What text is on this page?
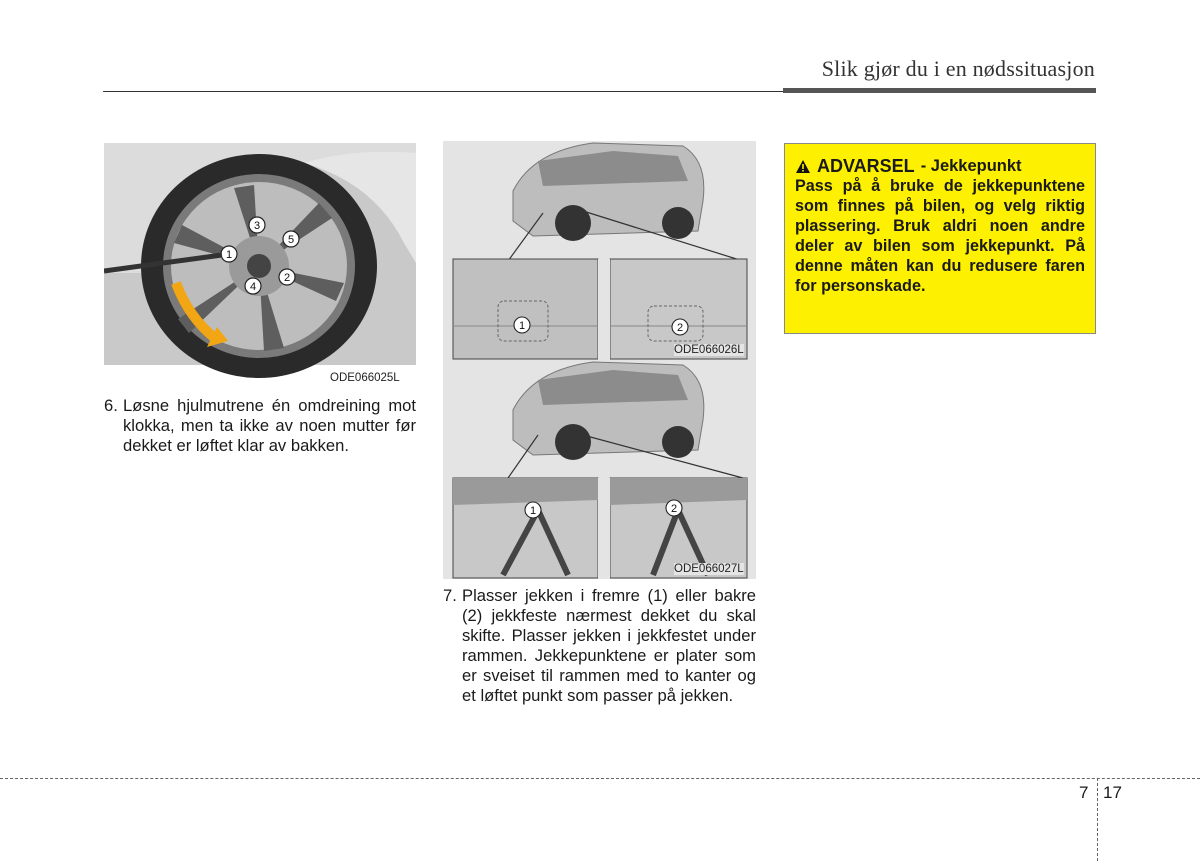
Slik gjør du i en nødssituasjon
1
2
3
4
5
ODE066025L
6. Løsne hjulmutrene én omdreining mot klokka, men ta ikke av noen mutter før dekket er løftet klar av bakken.
1	2
ODE066026L
1	2
ODE066027L
7. Plasser jekken i fremre (1) eller bakre (2) jekkfeste nærmest dekket du skal skifte. Plasser jekken i jekkfestet under rammen. Jekkepunktene er plater som er sveiset til rammen med to kanter og et løftet punkt som passer på jekken.
ADVARSEL - Jekkepunkt
Pass på å bruke de jekkepunktene som finnes på bilen, og velg riktig plassering. Bruk aldri noen andre deler av bilen som jekkepunkt. På denne måten kan du redusere faren for personskade.
7 17
